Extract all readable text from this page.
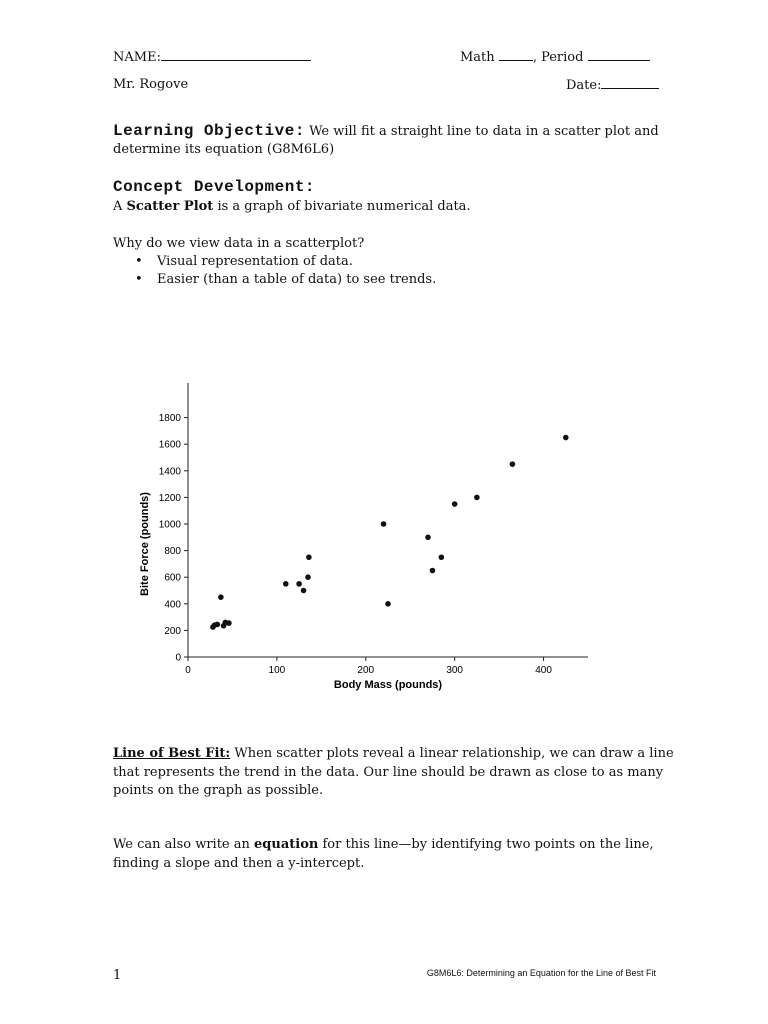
NAME:	Math	, Period
Mr. Rogove	Date:
Learning Objective: We will fit a straight line to data in a scatter plot and
determine its equation (G8M6L6)
Concept Development:
A Scatter Plot is a graph of bivariate numerical data.
Why do we view data in a scatterplot?
• Visual representation of data.
• Easier (than a table of data) to see trends.
0
200
400
600
800
1000
1200
1400
1600
1800
0	100	200	300	400
Body Mass (pounds)
Bite Force (pounds)
Line of Best Fit: When scatter plots reveal a linear relationship, we can draw a line
that represents the trend in the data. Our line should be drawn as close to as many
points on the graph as possible.
We can also write an equation for this line—by identifying two points on the line,
finding a slope and then a y-intercept.
1	G8M6L6: Determining an Equation for the Line of Best Fit
